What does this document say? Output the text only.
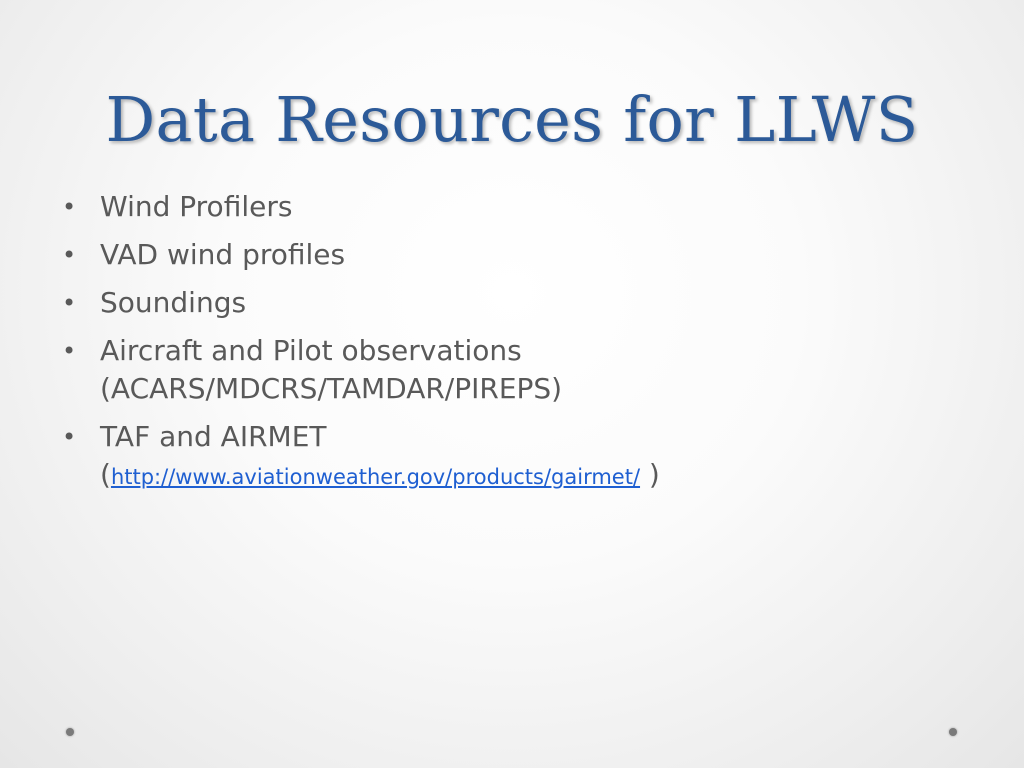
Data Resources for LLWS
• Wind Profilers
• VAD wind profiles
• Soundings
• Aircraft and Pilot observations
(ACARS/MDCRS/TAMDAR/PIREPS)
• TAF and AIRMET
(http://www.aviationweather.gov/products/gairmet/ )
